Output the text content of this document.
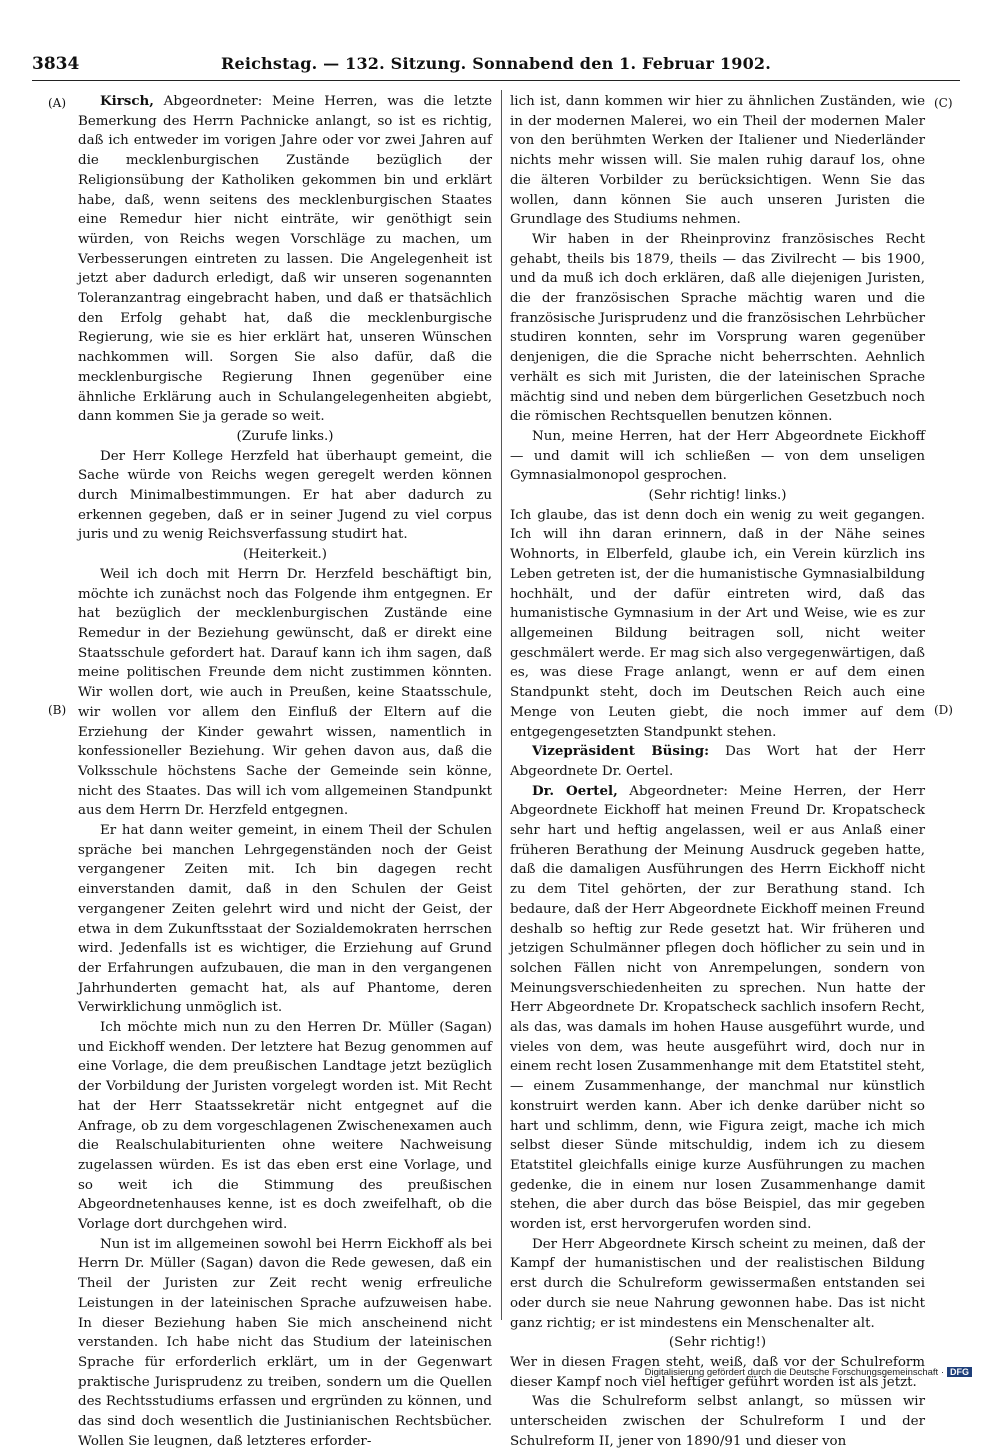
3834	Reichstag. — 132. Sitzung. Sonnabend den 1. Februar 1902.
(A)
(B)
(C)
(D)

Kirsch, Abgeordneter: Meine Herren, was die letzte Bemerkung des Herrn Pachnicke anlangt, so ist es richtig, daß ich entweder im vorigen Jahre oder vor zwei Jahren auf die mecklenburgischen Zustände bezüglich der Religionsübung der Katholiken gekommen bin und erklärt habe, daß, wenn seitens des mecklenburgischen Staates eine Remedur hier nicht einträte, wir genöthigt sein würden, von Reichs wegen Vorschläge zu machen, um Verbesserungen eintreten zu lassen. Die Angelegenheit ist jetzt aber dadurch erledigt, daß wir unseren sogenannten Toleranzantrag eingebracht haben, und daß er thatsächlich den Erfolg gehabt hat, daß die mecklenburgische Regierung, wie sie es hier erklärt hat, unseren Wünschen nachkommen will. Sorgen Sie also dafür, daß die mecklenburgische Regierung Ihnen gegenüber eine ähnliche Erklärung auch in Schulangelegenheiten abgiebt, dann kommen Sie ja gerade so weit.

(Zurufe links.)

Der Herr Kollege Herzfeld hat überhaupt gemeint, die Sache würde von Reichs wegen geregelt werden können durch Minimalbestimmungen. Er hat aber dadurch zu erkennen gegeben, daß er in seiner Jugend zu viel corpus juris und zu wenig Reichsverfassung studirt hat.

(Heiterkeit.)

Weil ich doch mit Herrn Dr. Herzfeld beschäftigt bin, möchte ich zunächst noch das Folgende ihm entgegnen. Er hat bezüglich der mecklenburgischen Zustände eine Remedur in der Beziehung gewünscht, daß er direkt eine Staatsschule gefordert hat. Darauf kann ich ihm sagen, daß meine politischen Freunde dem nicht zustimmen könnten. Wir wollen dort, wie auch in Preußen, keine Staatsschule, wir wollen vor allem den Einfluß der Eltern auf die Erziehung der Kinder gewahrt wissen, namentlich in konfessioneller Beziehung. Wir gehen davon aus, daß die Volksschule höchstens Sache der Gemeinde sein könne, nicht des Staates. Das will ich vom allgemeinen Standpunkt aus dem Herrn Dr. Herzfeld entgegnen.

Er hat dann weiter gemeint, in einem Theil der Schulen spräche bei manchen Lehrgegenständen noch der Geist vergangener Zeiten mit. Ich bin dagegen recht einverstanden damit, daß in den Schulen der Geist vergangener Zeiten gelehrt wird und nicht der Geist, der etwa in dem Zukunftsstaat der Sozialdemokraten herrschen wird. Jedenfalls ist es wichtiger, die Erziehung auf Grund der Erfahrungen aufzubauen, die man in den vergangenen Jahrhunderten gemacht hat, als auf Phantome, deren Verwirklichung unmöglich ist.

Ich möchte mich nun zu den Herren Dr. Müller (Sagan) und Eickhoff wenden. Der letztere hat Bezug genommen auf eine Vorlage, die dem preußischen Landtage jetzt bezüglich der Vorbildung der Juristen vorgelegt worden ist. Mit Recht hat der Herr Staatssekretär nicht entgegnet auf die Anfrage, ob zu dem vorgeschlagenen Zwischenexamen auch die Realschulabiturienten ohne weitere Nachweisung zugelassen würden. Es ist das eben erst eine Vorlage, und so weit ich die Stimmung des preußischen Abgeordnetenhauses kenne, ist es doch zweifelhaft, ob die Vorlage dort durchgehen wird.

Nun ist im allgemeinen sowohl bei Herrn Eickhoff als bei Herrn Dr. Müller (Sagan) davon die Rede gewesen, daß ein Theil der Juristen zur Zeit recht wenig erfreuliche Leistungen in der lateinischen Sprache aufzuweisen habe. In dieser Beziehung haben Sie mich anscheinend nicht verstanden. Ich habe nicht das Studium der lateinischen Sprache für erforderlich erklärt, um in der Gegenwart praktische Jurisprudenz zu treiben, sondern um die Quellen des Rechtsstudiums erfassen und ergründen zu können, und das sind doch wesentlich die Justinianischen Rechtsbücher. Wollen Sie leugnen, daß letzteres erforder-

lich ist, dann kommen wir hier zu ähnlichen Zuständen, wie in der modernen Malerei, wo ein Theil der modernen Maler von den berühmten Werken der Italiener und Niederländer nichts mehr wissen will. Sie malen ruhig darauf los, ohne die älteren Vorbilder zu berücksichtigen. Wenn Sie das wollen, dann können Sie auch unseren Juristen die Grundlage des Studiums nehmen.

Wir haben in der Rheinprovinz französisches Recht gehabt, theils bis 1879, theils — das Zivilrecht — bis 1900, und da muß ich doch erklären, daß alle diejenigen Juristen, die der französischen Sprache mächtig waren und die französische Jurisprudenz und die französischen Lehrbücher studiren konnten, sehr im Vorsprung waren gegenüber denjenigen, die die Sprache nicht beherrschten. Aehnlich verhält es sich mit Juristen, die der lateinischen Sprache mächtig sind und neben dem bürgerlichen Gesetzbuch noch die römischen Rechtsquellen benutzen können.

Nun, meine Herren, hat der Herr Abgeordnete Eickhoff — und damit will ich schließen — von dem unseligen Gymnasialmonopol gesprochen.

(Sehr richtig! links.)

Ich glaube, das ist denn doch ein wenig zu weit gegangen. Ich will ihn daran erinnern, daß in der Nähe seines Wohnorts, in Elberfeld, glaube ich, ein Verein kürzlich ins Leben getreten ist, der die humanistische Gymnasialbildung hochhält, und der dafür eintreten wird, daß das humanistische Gymnasium in der Art und Weise, wie es zur allgemeinen Bildung beitragen soll, nicht weiter geschmälert werde. Er mag sich also vergegenwärtigen, daß es, was diese Frage anlangt, wenn er auf dem einen Standpunkt steht, doch im Deutschen Reich auch eine Menge von Leuten giebt, die noch immer auf dem entgegengesetzten Standpunkt stehen.

Vizepräsident Büsing: Das Wort hat der Herr Abgeordnete Dr. Oertel.

Dr. Oertel, Abgeordneter: Meine Herren, der Herr Abgeordnete Eickhoff hat meinen Freund Dr. Kropatscheck sehr hart und heftig angelassen, weil er aus Anlaß einer früheren Berathung der Meinung Ausdruck gegeben hatte, daß die damaligen Ausführungen des Herrn Eickhoff nicht zu dem Titel gehörten, der zur Berathung stand. Ich bedaure, daß der Herr Abgeordnete Eickhoff meinen Freund deshalb so heftig zur Rede gesetzt hat. Wir früheren und jetzigen Schulmänner pflegen doch höflicher zu sein und in solchen Fällen nicht von Anrempelungen, sondern von Meinungsverschiedenheiten zu sprechen. Nun hatte der Herr Abgeordnete Dr. Kropatscheck sachlich insofern Recht, als das, was damals im hohen Hause ausgeführt wurde, und vieles von dem, was heute ausgeführt wird, doch nur in einem recht losen Zusammenhange mit dem Etatstitel steht, — einem Zusammenhange, der manchmal nur künstlich konstruirt werden kann. Aber ich denke darüber nicht so hart und schlimm, denn, wie Figura zeigt, mache ich mich selbst dieser Sünde mitschuldig, indem ich zu diesem Etatstitel gleichfalls einige kurze Ausführungen zu machen gedenke, die in einem nur losen Zusammenhange damit stehen, die aber durch das böse Beispiel, das mir gegeben worden ist, erst hervorgerufen worden sind.

Der Herr Abgeordnete Kirsch scheint zu meinen, daß der Kampf der humanistischen und der realistischen Bildung erst durch die Schulreform gewissermaßen entstanden sei oder durch sie neue Nahrung gewonnen habe. Das ist nicht ganz richtig; er ist mindestens ein Menschenalter alt.

(Sehr richtig!)

Wer in diesen Fragen steht, weiß, daß vor der Schulreform dieser Kampf noch viel heftiger geführt worden ist als jetzt.

Was die Schulreform selbst anlangt, so müssen wir unterscheiden zwischen der Schulreform I und der Schulreform II, jener von 1890/91 und dieser von

Digitalisierung gefördert durch die Deutsche Forschungsgemeinschaft · DFG
